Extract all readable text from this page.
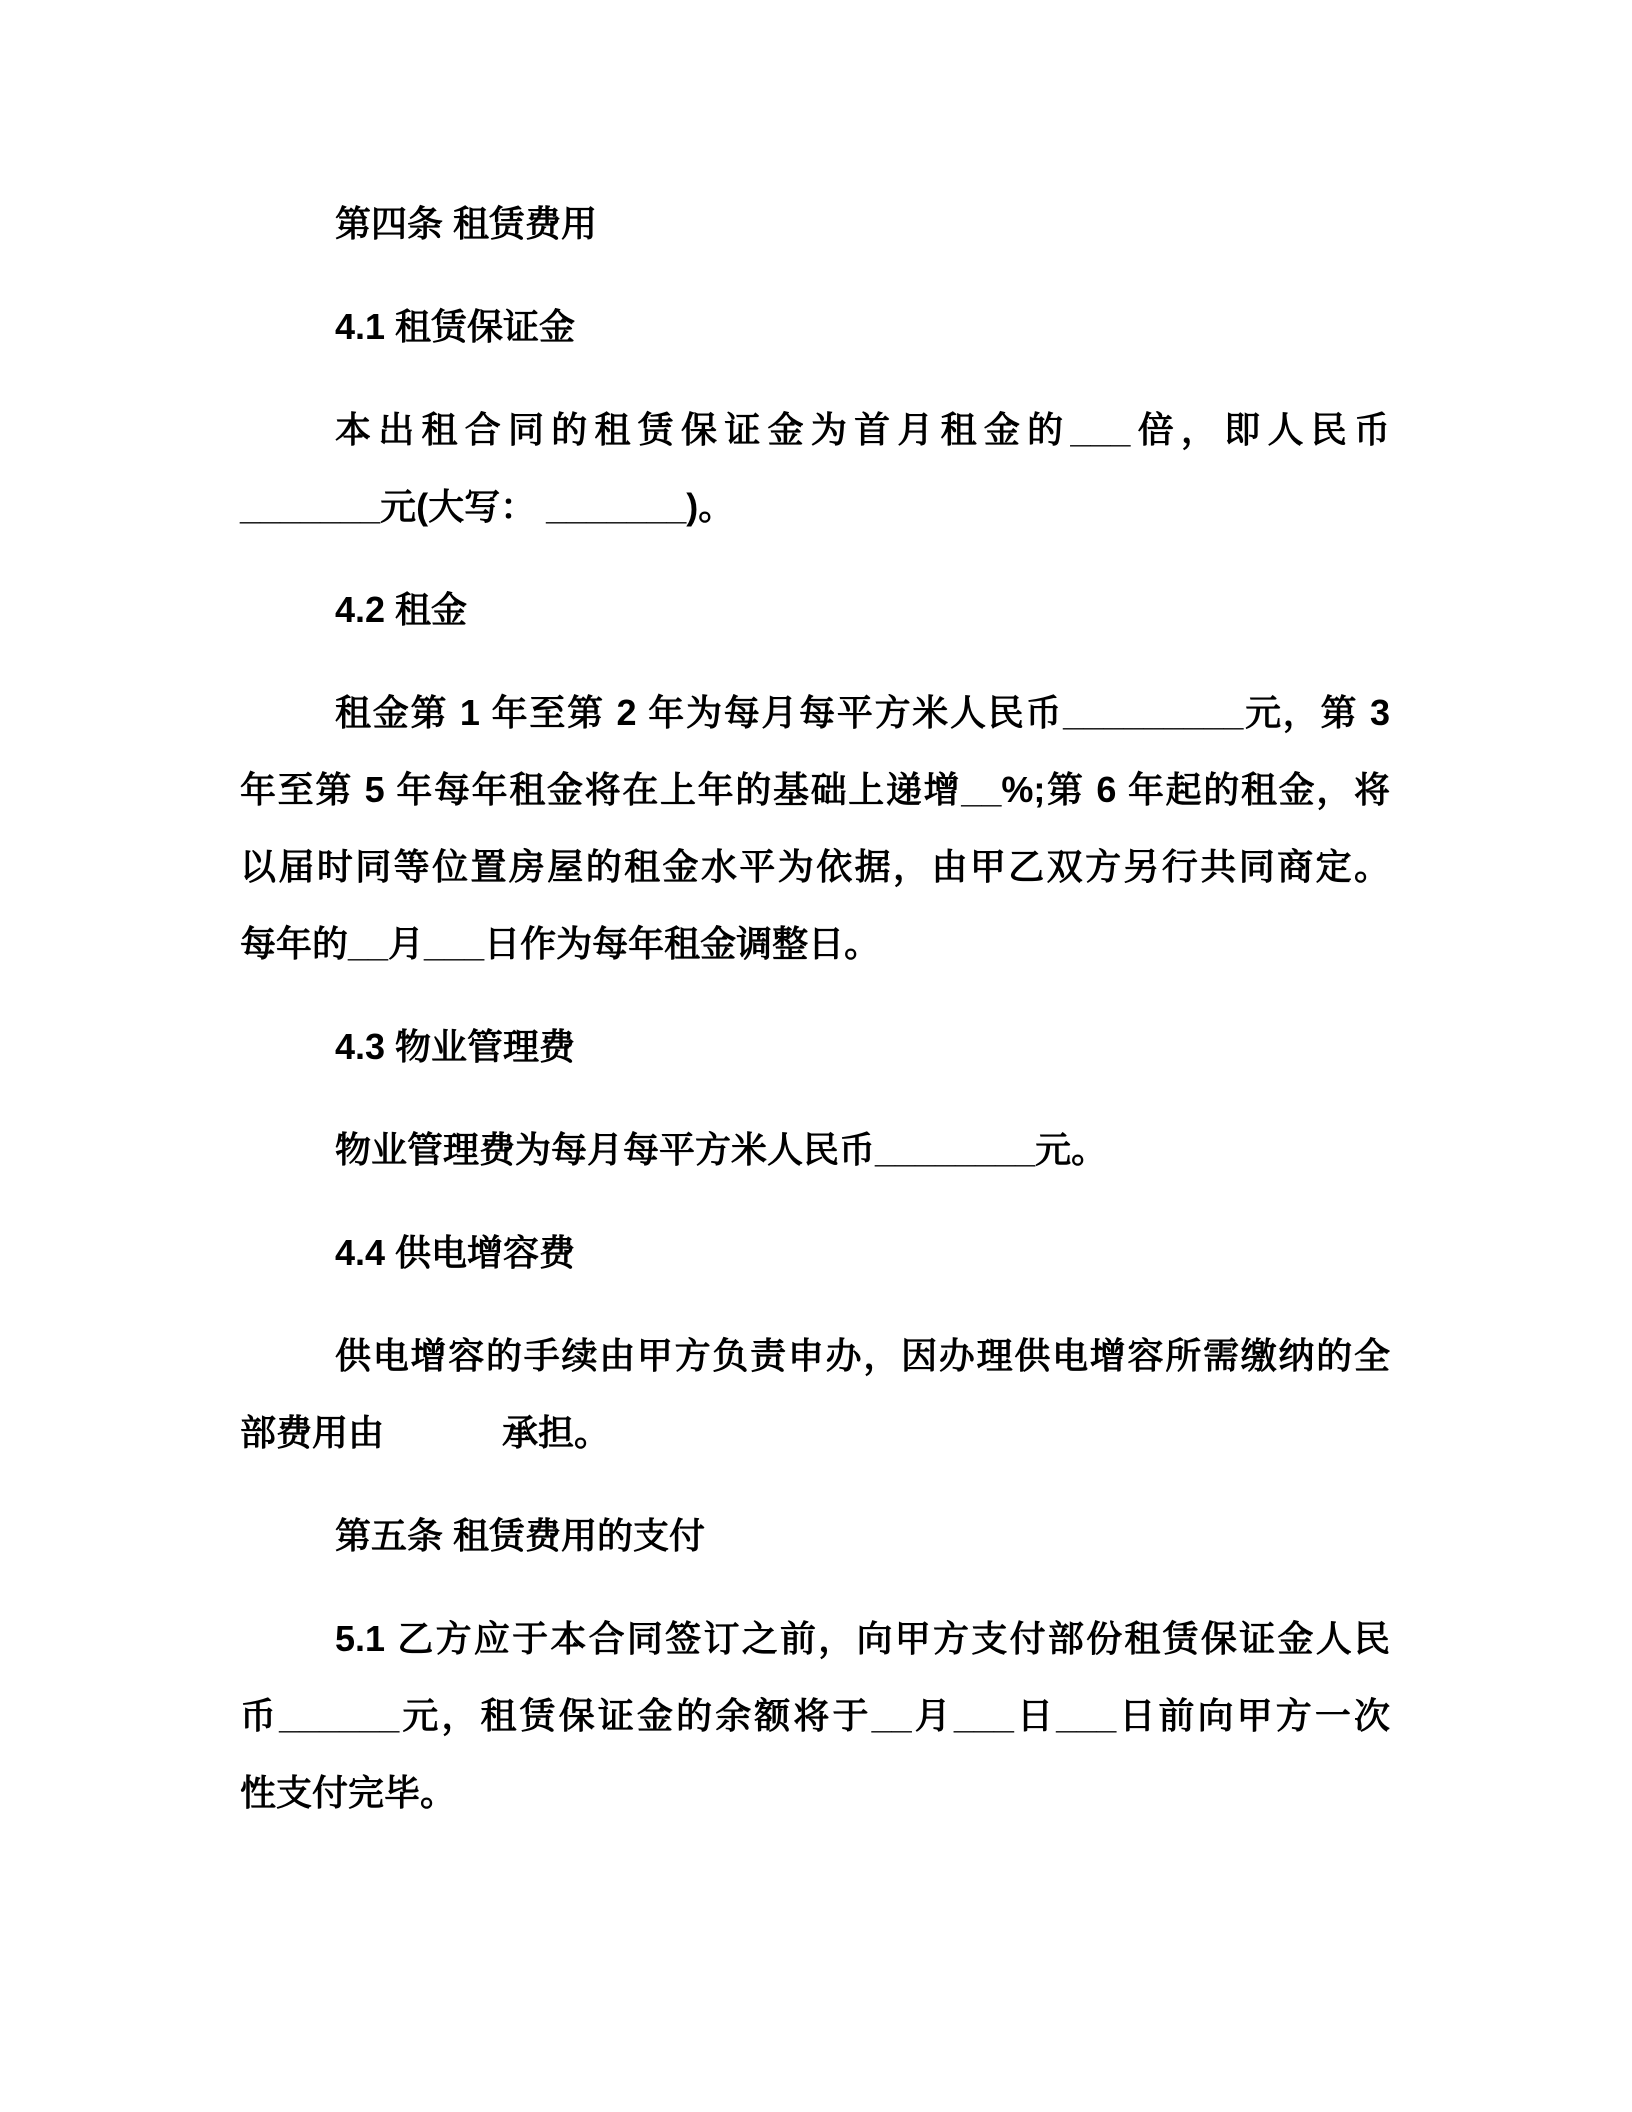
第四条 租赁费用
4.1 租赁保证金
本出租合同的租赁保证金为首月租金的___倍，即人民币
_______元(大写： _______)。
4.2 租金
租金第 1 年至第 2 年为每月每平方米人民币_________元，第 3
年至第 5 年每年租金将在上年的基础上递增__%;第 6 年起的租金，将
以届时同等位置房屋的租金水平为依据，由甲乙双方另行共同商定。
每年的__月___日作为每年租金调整日。
4.3 物业管理费
物业管理费为每月每平方米人民币________元。
4.4 供电增容费
供电增容的手续由甲方负责申办，因办理供电增容所需缴纳的全
部费用由　　　 承担。
第五条 租赁费用的支付
5.1 乙方应于本合同签订之前，向甲方支付部份租赁保证金人民
币______元，租赁保证金的余额将于__月___日___日前向甲方一次
性支付完毕。
